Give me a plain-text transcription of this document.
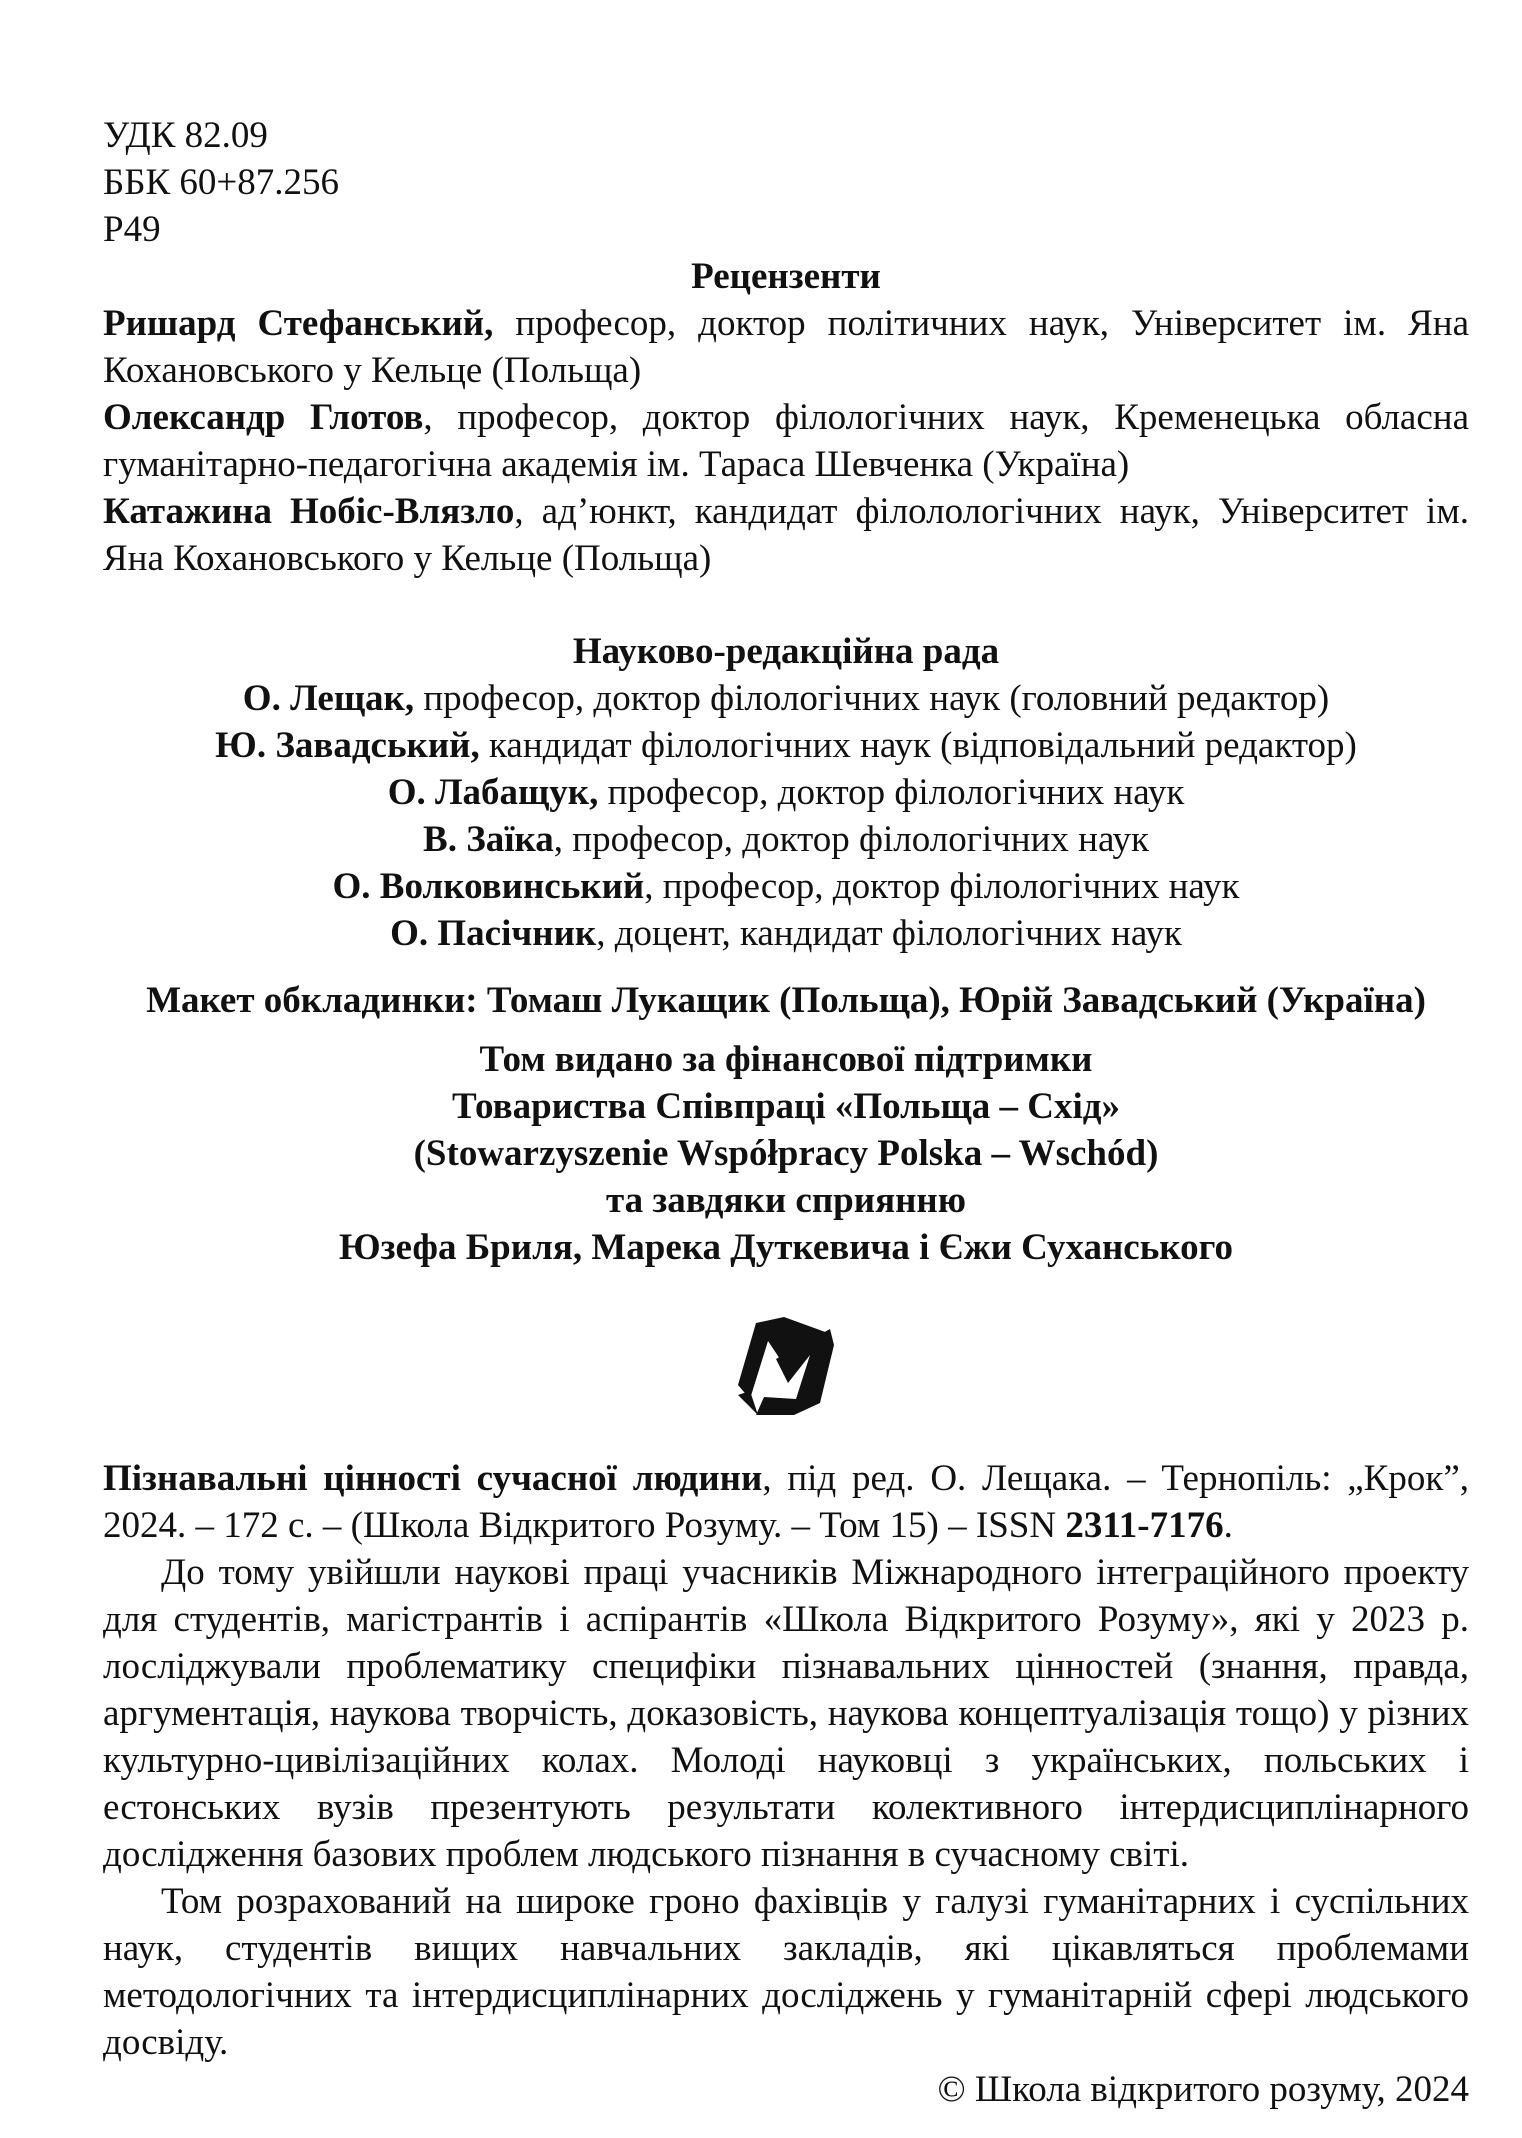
УДК 82.09
ББК 60+87.256
Р49
Рецензенти

Ришард Стефанський, професор, доктор політичних наук, Університет ім. Яна Кохановського у Кельце (Польща)

Олександр Глотов, професор, доктор філологічних наук, Кременецька обласна гуманітарно-педагогічна академія ім. Тараса Шевченка (Україна)

Катажина Нобіс-Влязло, ад’юнкт, кандидат філолологічних наук, Університет ім. Яна Кохановського у Кельце (Польща)

Науково-редакційна рада
О. Лещак, професор, доктор філологічних наук (головний редактор)
Ю. Завадський, кандидат філологічних наук (відповідальний редактор)
О. Лабащук, професор, доктор філологічних наук
В. Заїка, професор, доктор філологічних наук
О. Волковинський, професор, доктор філологічних наук
О. Пасічник, доцент, кандидат філологічних наук
Макет обкладинки: Томаш Лукащик (Польща), Юрій Завадський (Україна)
Том видано за фінансової підтримки
Товариства Співпраці «Польща – Схід»
(Stowarzyszenie Współpracy Polska – Wschód)
та завдяки сприянню
Юзефа Бриля, Марека Дуткевича і Єжи Суханського
Пізнавальні цінності сучасної людини, під ред. О. Лещака. – Тернопіль: „Крок”, 2024. – 172 с. – (Школа Відкритого Розуму. – Том 15) – ISSN 2311-7176.

До тому увійшли наукові праці учасників Міжнародного інтеграційного проекту для студентів, магістрантів і аспірантів «Школа Відкритого Розуму», які у 2023 р. лосліджували проблематику специфіки пізнавальних цінностей (знання, правда, аргументація, наукова творчість, доказовість, наукова концептуалізація тощо) у різних культурно-цивілізаційних колах. Молоді науковці з українських, польських і естонських вузів презентують результати колективного інтердисциплінарного дослідження базових проблем людського пізнання в сучасному світі.

Том розрахований на широке гроно фахівців у галузі гуманітарних і суспільних наук, студентів вищих навчальних закладів, які цікавляться проблемами методологічних та інтердисциплінарних досліджень у гуманітарній сфері людського досвіду.

© Школа відкритого розуму, 2024
